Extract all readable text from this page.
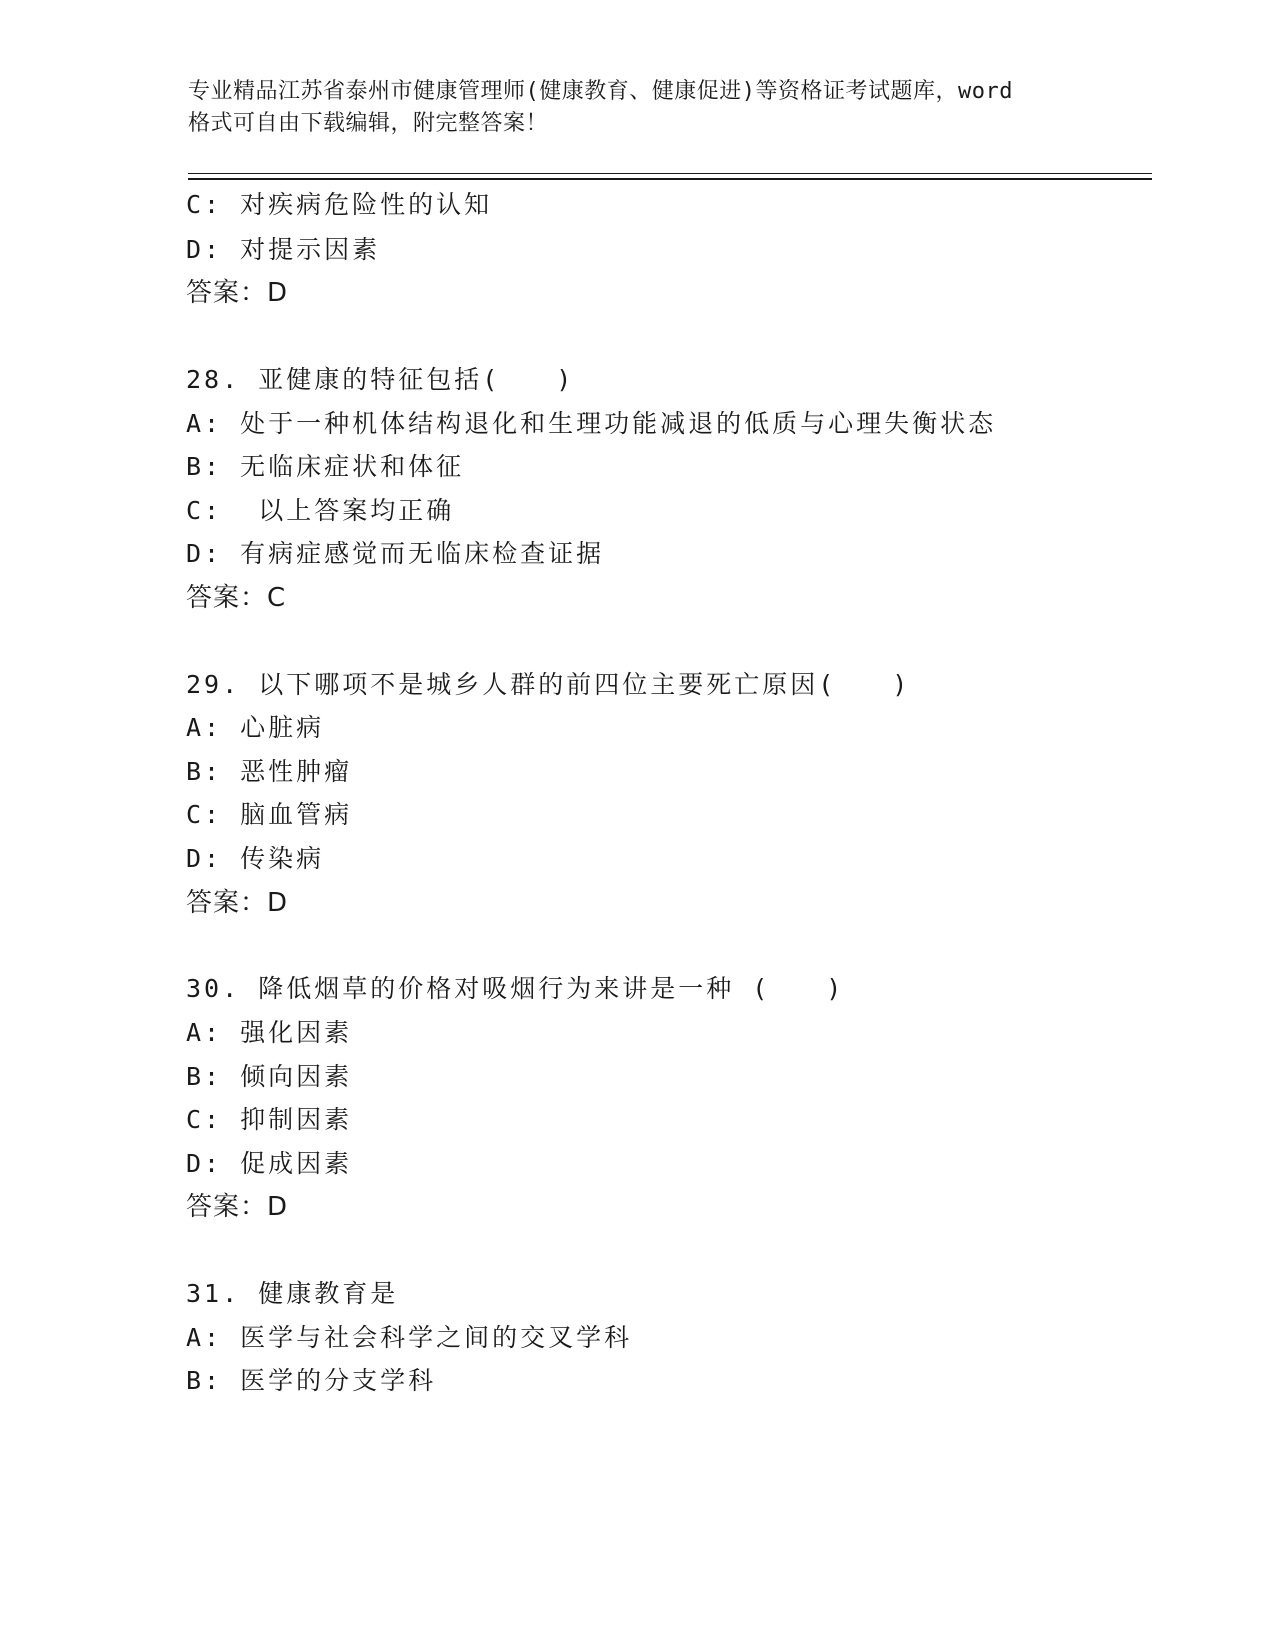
专业精品江苏省泰州市健康管理师(健康教育、健康促进)等资格证考试题库，word
格式可自由下载编辑，附完整答案！
C: 对疾病危险性的认知
D: 对提示因素
答案：D
28. 亚健康的特征包括(　　)
A: 处于一种机体结构退化和生理功能减退的低质与心理失衡状态
B: 无临床症状和体征
C:  以上答案均正确
D: 有病症感觉而无临床检查证据
答案：C
29. 以下哪项不是城乡人群的前四位主要死亡原因(　　)
A: 心脏病
B: 恶性肿瘤
C: 脑血管病
D: 传染病
答案：D
30. 降低烟草的价格对吸烟行为来讲是一种 (　　)
A: 强化因素
B: 倾向因素
C: 抑制因素
D: 促成因素
答案：D
31. 健康教育是
A: 医学与社会科学之间的交叉学科
B: 医学的分支学科
